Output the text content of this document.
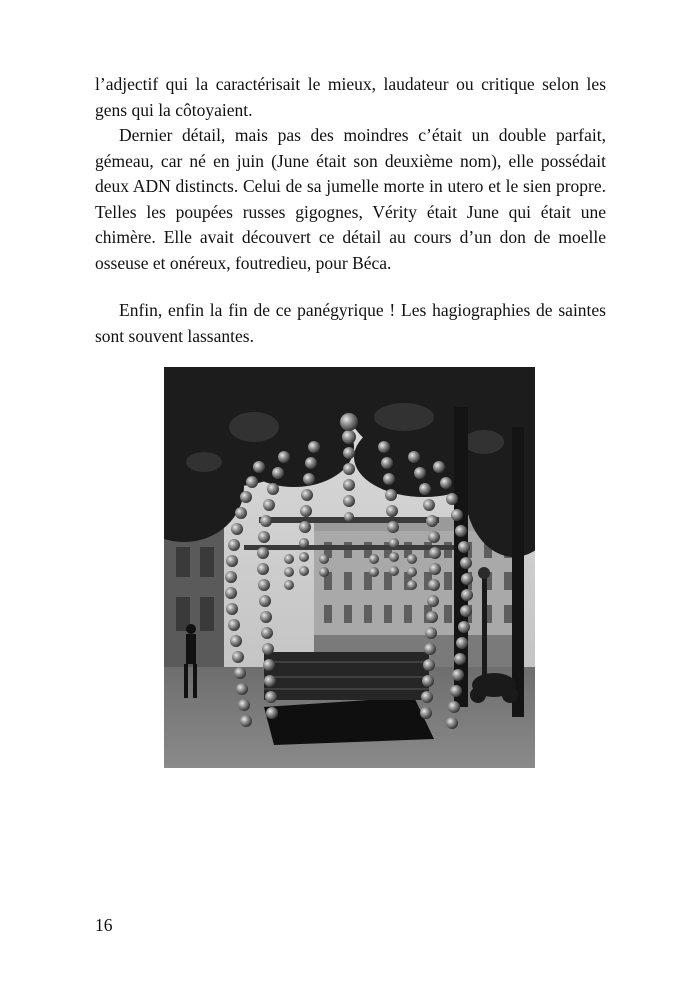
l’adjectif qui la caractérisait le mieux, laudateur ou critique selon les gens qui la côtoyaient.

Dernier détail, mais pas des moindres c’était un double parfait, gémeau, car né en juin (June était son deuxième nom), elle possédait deux ADN distincts. Celui de sa jumelle morte in utero et le sien propre. Telles les poupées russes gigognes, Vérity était June qui était une chimère. Elle avait découvert ce détail au cours d’un don de moelle osseuse et onéreux, foutredieu, pour Béca.

Enfin, enfin la fin de ce panégyrique ! Les hagiographies de saintes sont souvent lassantes.

16
